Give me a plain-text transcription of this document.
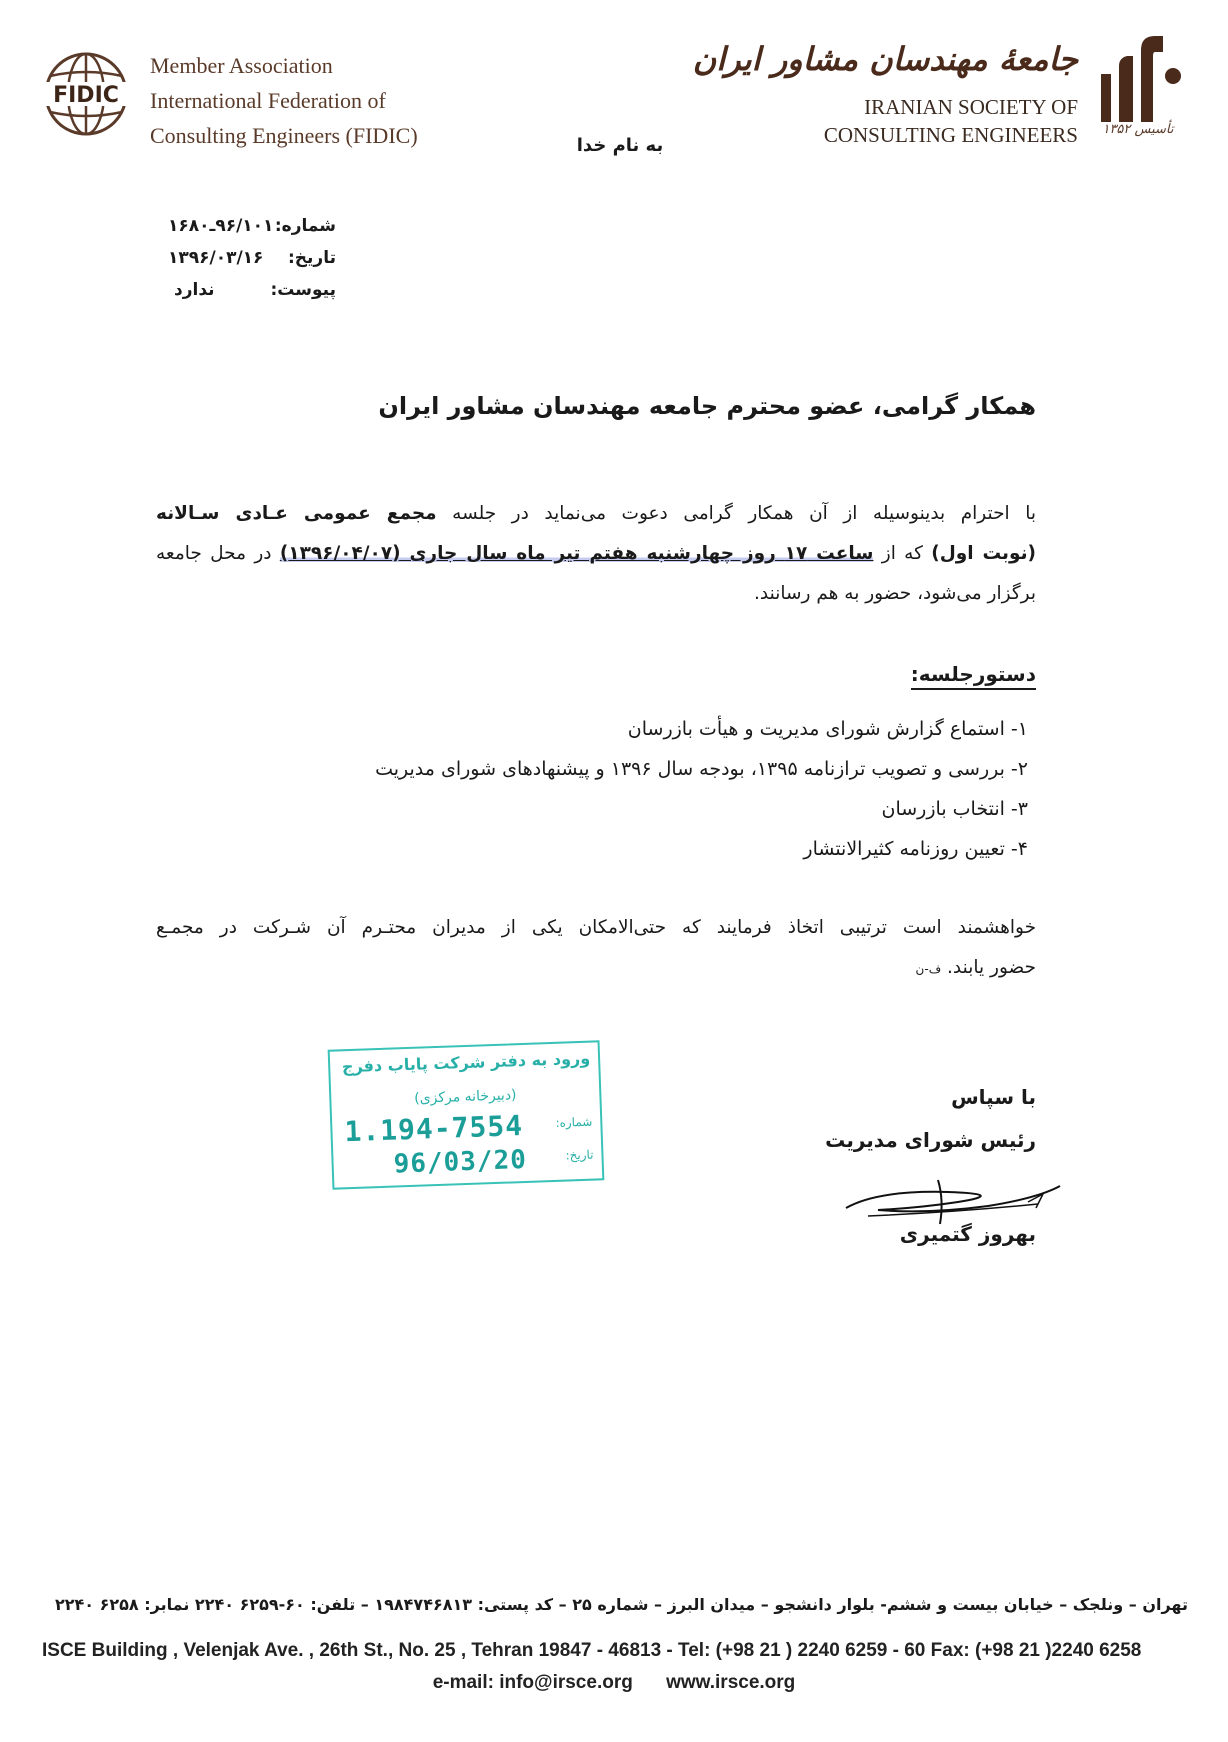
FIDIC
Member Association
International Federation of
Consulting Engineers (FIDIC)
جامعهٔ مهندسان مشاور ایران
IRANIAN SOCIETY OF
CONSULTING ENGINEERS	تأسیس ۱۳۵۲
به نام خدا
شماره:
۹۶/۱۰۱ـ۱۶۸۰
تاریخ:
۱۳۹۶/۰۳/۱۶
پیوست:
ندارد
همکار گرامی، عضو محترم جامعه مهندسان مشاور ایران
با احترام بدینوسیله از آن همکار گرامی دعوت می‌نماید در جلسه مجمع عمومی عـادی سـالانه
(نوبت اول) که از ساعت ۱۷ روز چهارشنبه هفتم تیر ماه سال جاری (۱۳۹۶/۰۴/۰۷) در محل جامعه
برگزار می‌شود، حضور به هم رسانند.
دستورجلسه:
۱- استماع گزارش شورای مدیریت و هیأت بازرسان
۲- بررسی و تصویب ترازنامه ۱۳۹۵، بودجه سال ۱۳۹۶ و پیشنهادهای شورای مدیریت
۳- انتخاب بازرسان
۴- تعیین روزنامه کثیرالانتشار
خواهشمند است ترتیبی اتخاذ فرمایند که حتی‌الامکان یکی از مدیران محتـرم آن شـرکت در مجمـع
حضور یابند. ف-ن
ورود به دفتر شرکت پایاب دفرج
(دبیرخانه مرکزی)
شماره:
1.194-7554
تاریخ:
96/03/20
با سپاس
رئیس شورای مدیریت
بهروز گتمیری
تهران – ونلجک – خیابان بیست و ششم- بلوار دانشجو – میدان البرز – شماره ۲۵ – کد پستی: ۱۹۸۴۷۴۶۸۱۳ – تلفن: ۶۰-۶۲۵۹ ۲۲۴۰ نمابر: ۶۲۵۸ ۲۲۴۰
ISCE Building , Velenjak Ave. , 26th St., No. 25 , Tehran 19847 - 46813 - Tel: (+98 21 ) 2240 6259 - 60 Fax: (+98 21 )2240 6258
e-mail: info@irsce.org www.irsce.org
